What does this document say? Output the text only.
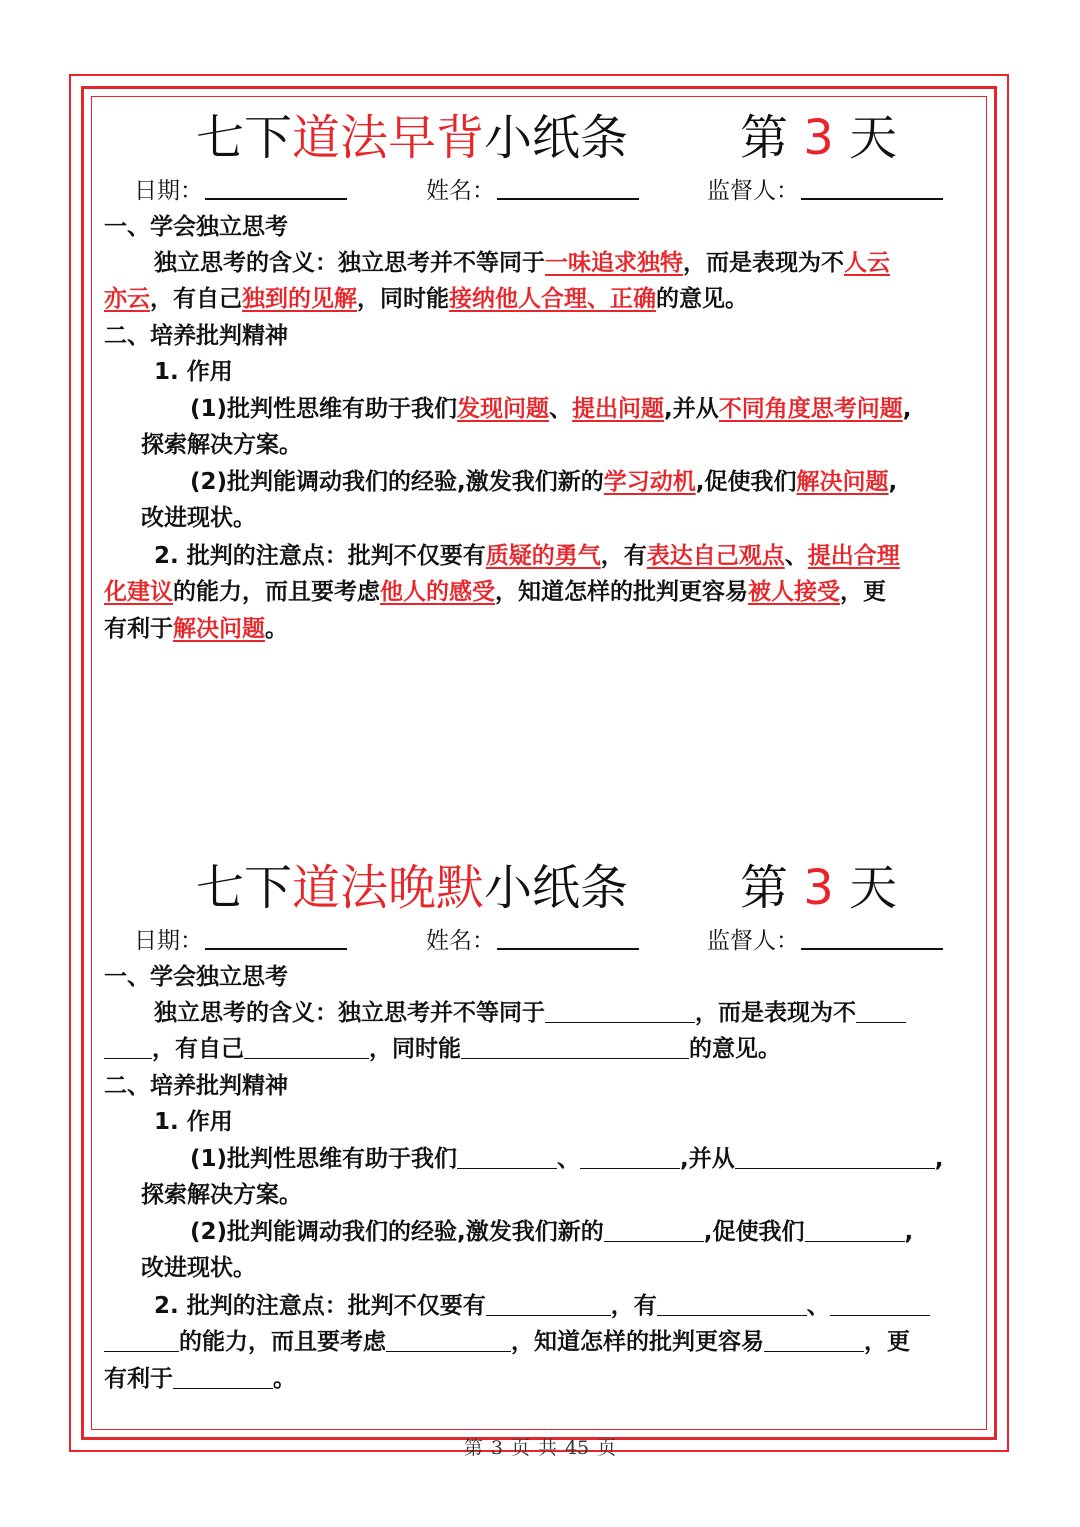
七下道法早背小纸条 第 3 天
日期：	姓名：	监督人：
一、学会独立思考
独立思考的含义：独立思考并不等同于一味追求独特，而是表现为不人云
亦云，有自己独到的见解，同时能接纳他人合理、正确的意见。
二、培养批判精神
1. 作用
(1)批判性思维有助于我们发现问题、提出问题,并从不同角度思考问题,
探索解决方案。
(2)批判能调动我们的经验,激发我们新的学习动机,促使我们解决问题,
改进现状。
2. 批判的注意点：批判不仅要有质疑的勇气，有表达自己观点、提出合理
化建议的能力，而且要考虑他人的感受，知道怎样的批判更容易被人接受，更
有利于解决问题。
七下道法晚默小纸条 第 3 天
日期：	姓名：	监督人：
一、学会独立思考
独立思考的含义：独立思考并不等同于	，而是表现为不
，有自己	，同时能	的意见。
二、培养批判精神
1. 作用
(1)批判性思维有助于我们	、	,并从	,
探索解决方案。
(2)批判能调动我们的经验,激发我们新的	,促使我们	,
改进现状。
2. 批判的注意点：批判不仅要有	，有	、
的能力，而且要考虑	，知道怎样的批判更容易	，更
有利于	。
第 3 页 共 45 页
